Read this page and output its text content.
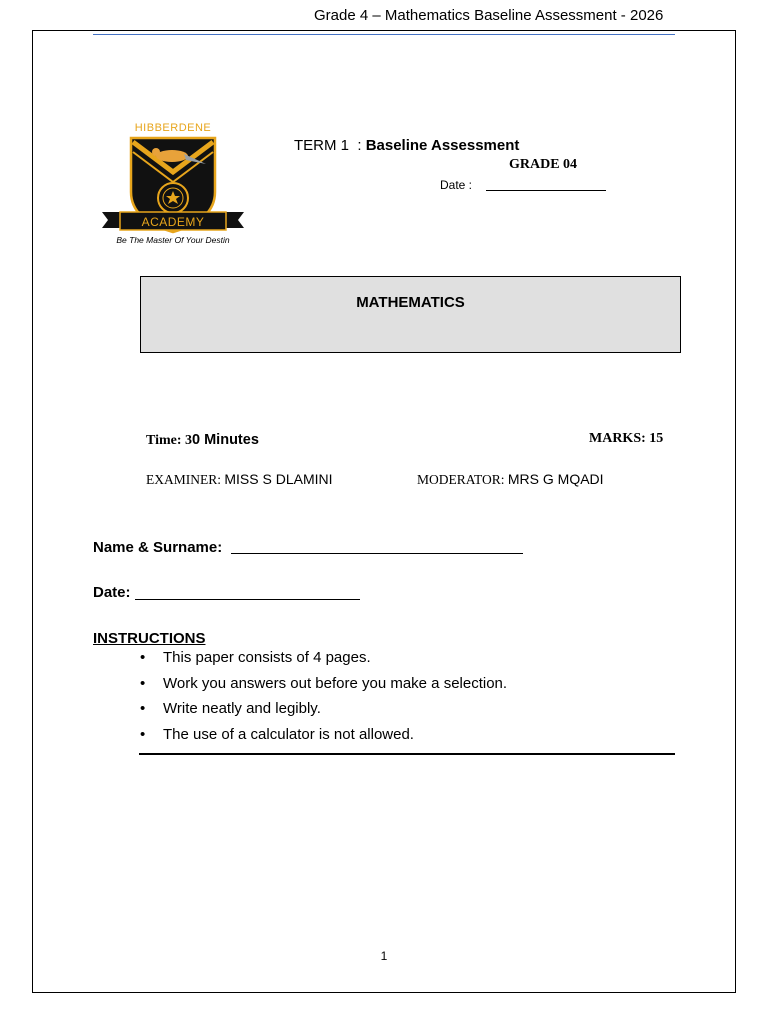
Grade 4 – Mathematics Baseline Assessment - 2026
HIBBERDENE
ACADEMY
Be The Master Of Your Destin
TERM 1  : Baseline Assessment
GRADE 04
Date :
MATHEMATICS
Time: 30 Minutes	MARKS: 15
EXAMINER: MISS S DLAMINI	MODERATOR: MRS G MQADI
Name & Surname:
Date:
INSTRUCTIONS
• This paper consists of 4 pages.
• Work you answers out before you make a selection.
• Write neatly and legibly.
• The use of a calculator is not allowed.
1
